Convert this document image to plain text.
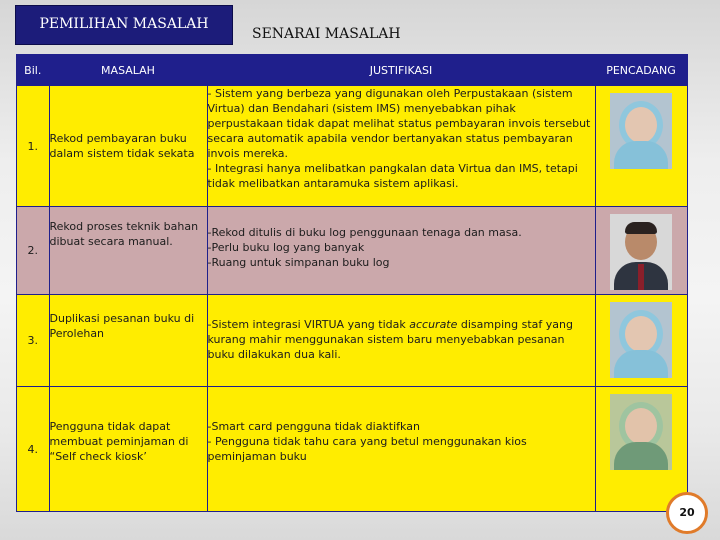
PEMILIHAN MASALAH
SENARAI MASALAH
Bil.	MASALAH	JUSTIFIKASI	PENCADANG
1.	Rekod pembayaran buku dalam sistem tidak sekata	- Sistem yang berbeza yang digunakan oleh Perpustakaan (sistem Virtua) dan Bendahari (sistem IMS) menyebabkan pihak perpustakaan tidak dapat melihat status pembayaran invois tersebut secara automatik apabila vendor bertanyakan status pembayaran invois mereka.
- Integrasi hanya melibatkan pangkalan data Virtua dan IMS, tetapi tidak melibatkan antaramuka sistem aplikasi.	

2.	Rekod proses teknik bahan dibuat secara manual.	-Rekod ditulis di buku log penggunaan tenaga dan masa.
-Perlu buku log yang banyak
-Ruang untuk simpanan buku log	

3.	Duplikasi pesanan buku di Perolehan	-Sistem integrasi VIRTUA yang tidak accurate disamping staf yang kurang mahir menggunakan sistem baru menyebabkan pesanan buku dilakukan dua kali.	

4.	Pengguna tidak dapat membuat peminjaman di “Self check kiosk’	-Smart card pengguna tidak diaktifkan
- Pengguna tidak tahu cara yang betul menggunakan kios peminjaman buku	

20
